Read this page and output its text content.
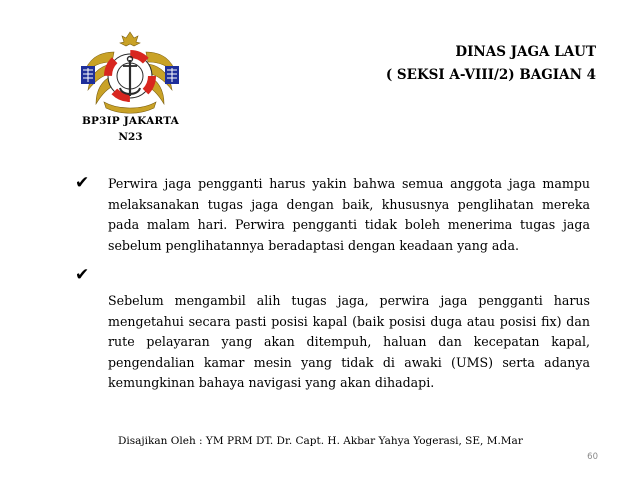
BP3IP JAKARTA
N23
DINAS JAGA LAUT
( SEKSI A-VIII/2) BAGIAN 4
✔ Perwira jaga pengganti harus yakin bahwa semua anggota jaga mampu melaksanakan tugas jaga dengan baik, khususnya penglihatan mereka pada malam hari. Perwira pengganti tidak boleh menerima tugas jaga sebelum penglihatannya beradaptasi dengan keadaan yang ada.
✔
Sebelum mengambil alih tugas jaga, perwira jaga pengganti harus mengetahui secara pasti posisi kapal (baik posisi duga atau posisi fix) dan rute pelayaran yang akan ditempuh, haluan dan kecepatan kapal, pengendalian kamar mesin yang tidak di awaki (UMS) serta adanya kemungkinan bahaya navigasi yang akan dihadapi.
Disajikan Oleh : YM PRM DT. Dr. Capt. H. Akbar Yahya Yogerasi, SE, M.Mar
60
